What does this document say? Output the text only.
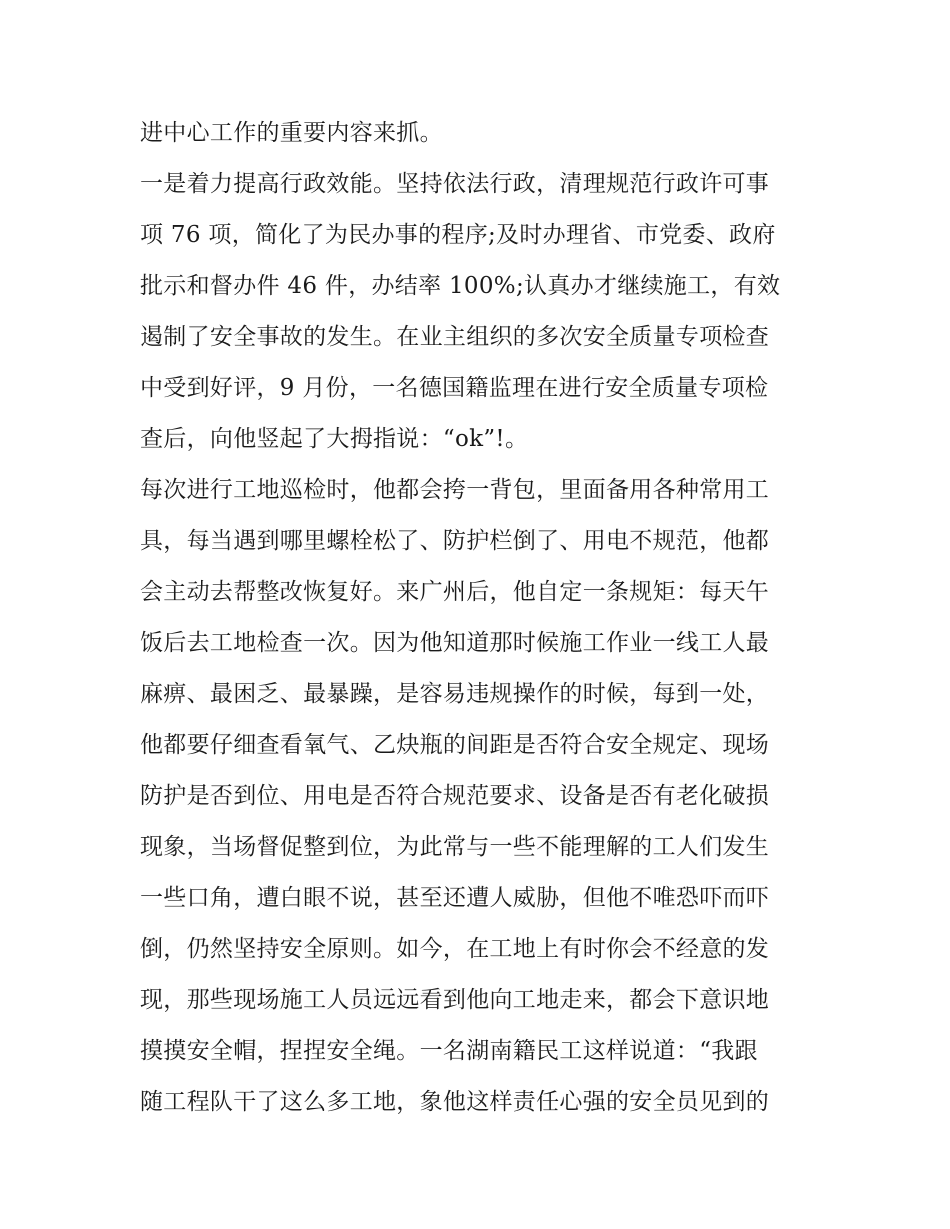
进中心工作的重要内容来抓。
一是着力提高行政效能。坚持依法行政，清理规范行政许可事
项 76 项，简化了为民办事的程序;及时办理省、市党委、政府
批示和督办件 46 件，办结率 100%;认真办才继续施工，有效
遏制了安全事故的发生。在业主组织的多次安全质量专项检查
中受到好评，9 月份，一名德国籍监理在进行安全质量专项检
查后，向他竖起了大拇指说：“ok”!。
每次进行工地巡检时，他都会挎一背包，里面备用各种常用工
具，每当遇到哪里螺栓松了、防护栏倒了、用电不规范，他都
会主动去帮整改恢复好。来广州后，他自定一条规矩：每天午
饭后去工地检查一次。因为他知道那时候施工作业一线工人最
麻痹、最困乏、最暴躁，是容易违规操作的时候，每到一处，
他都要仔细查看氧气、乙炔瓶的间距是否符合安全规定、现场
防护是否到位、用电是否符合规范要求、设备是否有老化破损
现象，当场督促整到位，为此常与一些不能理解的工人们发生
一些口角，遭白眼不说，甚至还遭人威胁，但他不唯恐吓而吓
倒，仍然坚持安全原则。如今，在工地上有时你会不经意的发
现，那些现场施工人员远远看到他向工地走来，都会下意识地
摸摸安全帽，捏捏安全绳。一名湖南籍民工这样说道：“我跟
随工程队干了这么多工地，象他这样责任心强的安全员见到的
